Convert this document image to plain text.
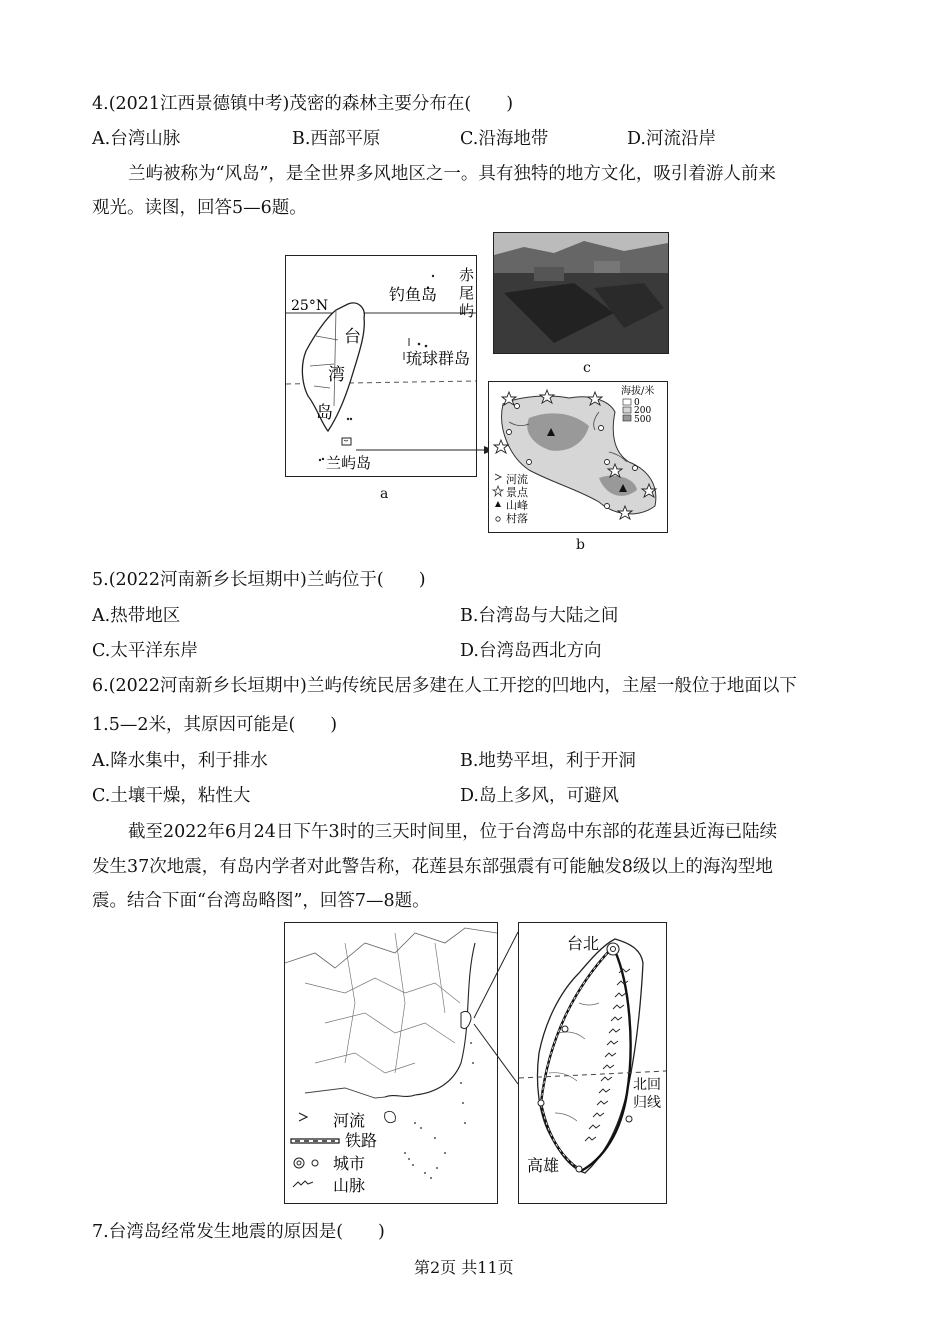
4.(2021江西景德镇中考)茂密的森林主要分布在(　　)
A.台湾山脉	B.西部平原	C.沿海地带	D.河流沿岸
兰屿被称为“风岛”，是全世界多风地区之一。具有独特的地方文化，吸引着游人前来
观光。读图，回答5—6题。
25°N
钓鱼岛
赤
尾
屿
台
湾
岛
琉球群岛
兰屿岛
a
c
海拔/米
0
200
500
河流
景点
山峰
村落
b
5.(2022河南新乡长垣期中)兰屿位于(　　)
A.热带地区	B.台湾岛与大陆之间
C.太平洋东岸	D.台湾岛西北方向
6.(2022河南新乡长垣期中)兰屿传统民居多建在人工开挖的凹地内，主屋一般位于地面以下
1.5—2米，其原因可能是(　　)
A.降水集中，利于排水	B.地势平坦，利于开洞
C.土壤干燥，粘性大	D.岛上多风，可避风
截至2022年6月24日下午3时的三天时间里，位于台湾岛中东部的花莲县近海已陆续
发生37次地震，有岛内学者对此警告称，花莲县东部强震有可能触发8级以上的海沟型地
震。结合下面“台湾岛略图”，回答7—8题。
河流
铁路
城市
山脉
台北
高雄
北回
归线
7.台湾岛经常发生地震的原因是(　　)
第2页 共11页
